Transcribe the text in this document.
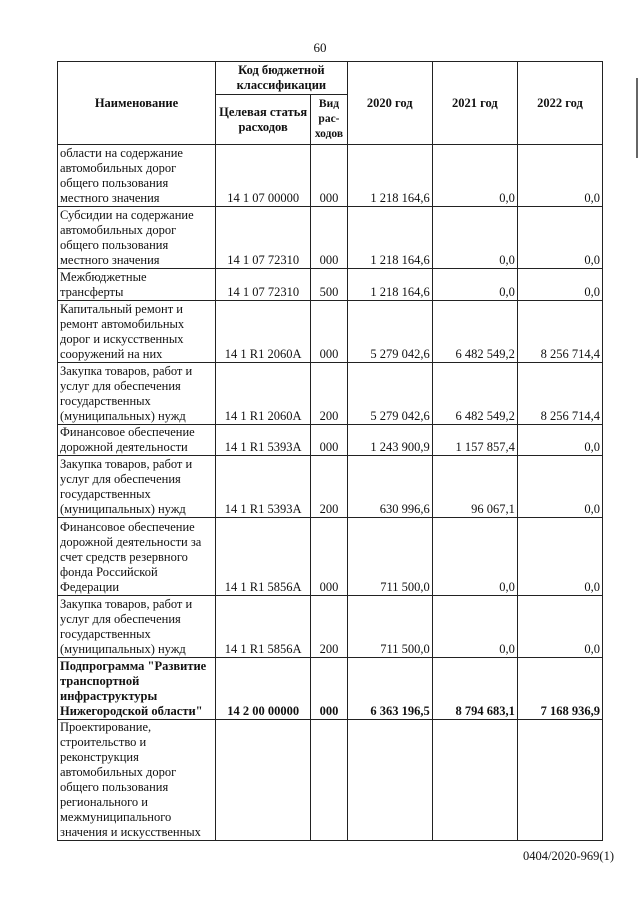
60
Наименование	Код бюджетной классификации		2020 год	2021 год	2022 год
	Целевая статья расходов	Вид рас-ходов			
области на содержание автомобильных дорог общего пользования местного значения	14 1 07 00000	000	1 218 164,6	0,0	0,0
Субсидии на содержание автомобильных дорог общего пользования местного значения	14 1 07 72310	000	1 218 164,6	0,0	0,0
Межбюджетные трансферты	14 1 07 72310	500	1 218 164,6	0,0	0,0
Капитальный ремонт и ремонт автомобильных дорог и искусственных сооружений на них	14 1 R1 2060A	000	5 279 042,6	6 482 549,2	8 256 714,4
Закупка товаров, работ и услуг для обеспечения государственных (муниципальных) нужд	14 1 R1 2060A	200	5 279 042,6	6 482 549,2	8 256 714,4
Финансовое обеспечение дорожной деятельности	14 1 R1 5393A	000	1 243 900,9	1 157 857,4	0,0
Закупка товаров, работ и услуг для обеспечения государственных (муниципальных) нужд	14 1 R1 5393A	200	630 996,6	96 067,1	0,0
Финансовое обеспечение дорожной деятельности за счет средств резервного фонда Российской Федерации	14 1 R1 5856A	000	711 500,0	0,0	0,0
Закупка товаров, работ и услуг для обеспечения государственных (муниципальных) нужд	14 1 R1 5856A	200	711 500,0	0,0	0,0
Подпрограмма "Развитие транспортной инфраструктуры Нижегородской области"	14 2 00 00000	000	6 363 196,5	8 794 683,1	7 168 936,9
Проектирование, строительство и реконструкция автомобильных дорог общего пользования регионального и межмуниципального значения и искусственных					
0404/2020-969(1)
